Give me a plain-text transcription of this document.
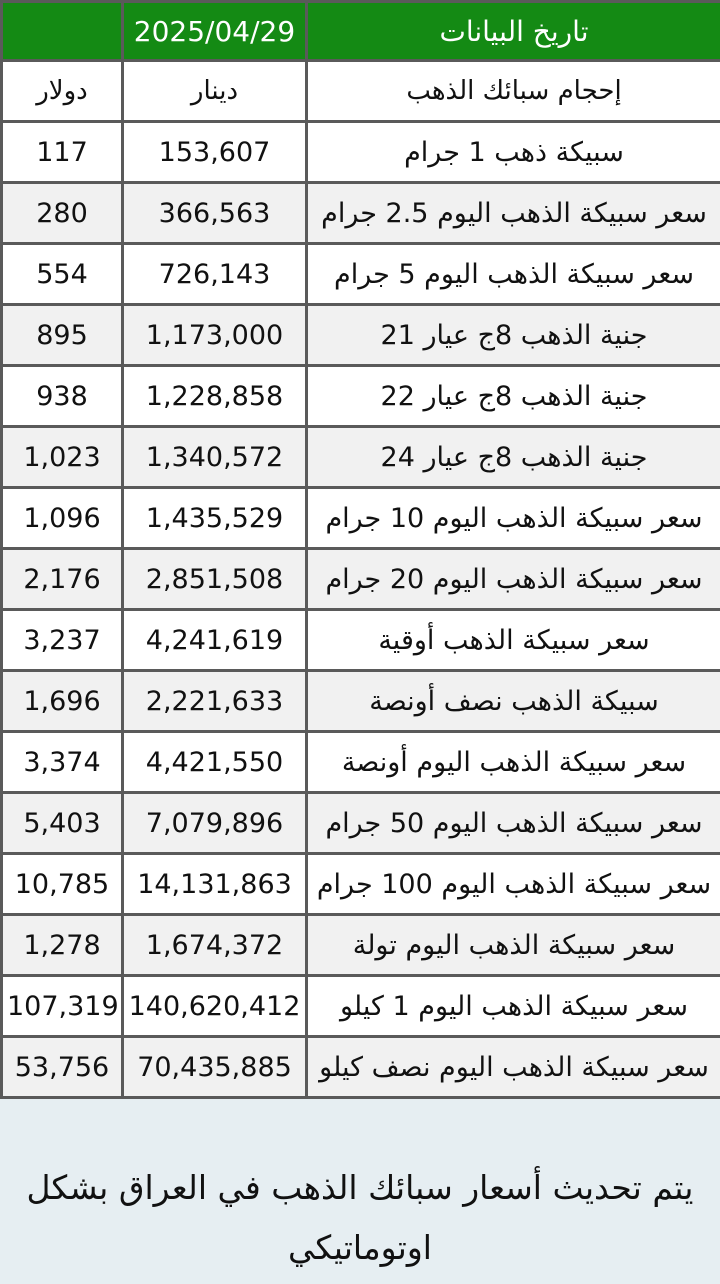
	2025/04/29	تاريخ البيانات
دولار	دينار	إحجام سبائك الذهب
117	153,607	سبيكة ذهب 1 جرام
280	366,563	سعر سبيكة الذهب اليوم 2.5 جرام
554	726,143	سعر سبيكة الذهب اليوم 5 جرام
895	1,173,000	جنية الذهب 8ج عيار 21
938	1,228,858	جنية الذهب 8ج عيار 22
1,023	1,340,572	جنية الذهب 8ج عيار 24
1,096	1,435,529	سعر سبيكة الذهب اليوم 10 جرام
2,176	2,851,508	سعر سبيكة الذهب اليوم 20 جرام
3,237	4,241,619	سعر سبيكة الذهب أوقية
1,696	2,221,633	سبيكة الذهب نصف أونصة
3,374	4,421,550	سعر سبيكة الذهب اليوم أونصة
5,403	7,079,896	سعر سبيكة الذهب اليوم 50 جرام
10,785	14,131,863	سعر سبيكة الذهب اليوم 100 جرام
1,278	1,674,372	سعر سبيكة الذهب اليوم تولة
107,319	140,620,412	سعر سبيكة الذهب اليوم 1 كيلو
53,756	70,435,885	سعر سبيكة الذهب اليوم نصف كيلو
يتم تحديث أسعار سبائك الذهب في العراق بشكل اوتوماتيكي
